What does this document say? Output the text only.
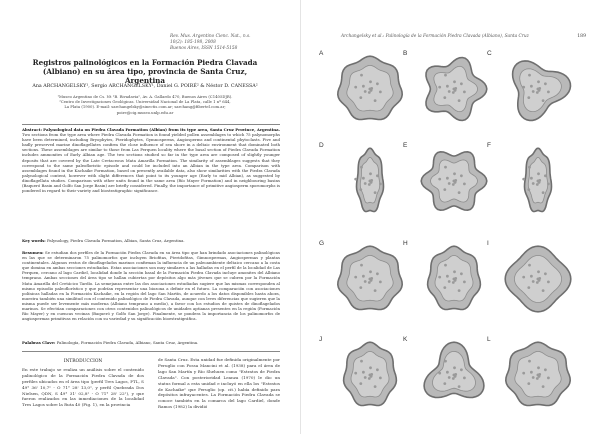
Rev. Mus. Argentino Cienc. Nat., n.s.
10(2): 185-198, 2008
Buenos Aires, ISSN 1514-5158
Registros palinológicos en la Formación Piedra Clavada (Albiano) en su área tipo, provincia de Santa Cruz, Argentina
Ana ARCHANGELSKY¹, Sergio ARCHANGELSKY¹, Daniel G. POIRÉ² & Néstor D. CANESSA²
¹Museo Argentino de Cs. Nt "B. Rivadavia", Av. A. Gallardo 470, Buenos Aires (C1405DJR).
²Centro de Investigaciones Geológicas. Universidad Nacional de La Plata, calle 1 nº 644,
La Plata (1900). E-mail: sarchangelsky@sinectis.com.ar; sarchang@fibertel.com.ar;
poire@cig.museo.unlp.edu.ar
Abstract: Palynological data on Piedra Clavada Formation (Albian) from its type area, Santa Cruz Province, Argentina. Two sections from the type area where Piedra Clavada Formation is found yielded pollen assemblages to which 75 palynomorphs have been determined, including Bryophytes, Pteridophytes, Gymnosperms, Angiosperms and continental phytoclasts. Five and badly preserved marine dinoflagellates confirm the close influence of sea shore in a deltaic environment that dominated both sections. These assemblages are similar to those from Las Perquen locality where the basal section of Piedra Clavada Formation includes ammonites of Early Albian age. The two sections studied so far in the type area are composed of slightly younger deposits that are covered by the Late Cretaceous Mata Amarilla Formation. The similarity of assemblages suggests that they correspond to the same paleofloristic episode and could be included into an Albian in the type area. Comparison with assemblages found in the Kachaike Formation, based on presently available data, also show similarities with the Piedra Clavada palynological content, however with slight differences that point to its younger age (Early to mid Albian), as suggested by dinoflagellata studies. Comparison with other units found in the same area (Río Mayer Formation) and in neighbouring basins (Baqueró Basin and Golfo San Jorge Basin) are briefly considered. Finally, the importance of primitive angiosperm sporomorphs is pondered in regard to their variety and biostratigraphic significance.
Key words: Palynology, Piedra Clavada Formation, Albian, Santa Cruz, Argentina.
Resumen: Se estudian dos perfiles de la Formación Piedra Clavada en su área tipo que han brindado asociaciones palinológicas en las que se determinaron 75 palinomorfos que incluyen Briofitas, Pteridofitas, Gimnospermas, Angiospermas y plantas continentales. Algunos restos de dinoflagelados marinos confirman la influencia de un paleoambiente deltaico cercano a la costa que domina en ambas secciones estudiadas. Estas asociaciones son muy similares a las halladas en el perfil de la localidad de Las Perquen, cercano al lago Cardiel, localidad donde la sección basal de la Formación Piedra Clavada incluye amonites del Albiano temprano. Ambas secciones del área tipo se hallan cubiertas por depósitos algo más jóvenes que se cubren por la Formación Mata Amarilla del Cretácico Tardío. La semejanza entre las dos asociaciones estudiadas sugiere que las mismas corresponden al mismo episodio paleoflorístico y que podrían representar una biozona a definir en el futuro. La comparación con asociaciones polínicas halladas en la Formación Kachaike, en la región del lago San Martín, de acuerdo a los datos disponibles hasta ahora, muestra también una similitud con el contenido palinológico de Piedra Clavada, aunque con leves diferencias que sugieren que la misma puede ser levemente más moderna (Albiano temprano a medio), a favor con los estudios de quistes de dinoflagelados marinos. Se efectúan comparaciones con otros contenidos palinológicos de unidades aptianas presentes en la región (Formación Río Mayer) y en cuencas vecinas (Baqueró y Golfo San Jorge). Finalmente, se pondera la importancia de los palinomorfos de angiospermas primitivas en relación con su variedad y su significación bioestratigráfica.
Palabras Clave: Palinología, Formación Piedra Clavada, Albiano, Santa Cruz, Argentina.
INTRODUCCION
En este trabajo se realiza un análisis sobre el contenido palinológico de la Formación Piedra Clavada de dos perfiles ubicados en el área tipo (perfil Tres Lagos, PTL, S 49° 36' 10,7" - O 71° 28' 13,0", y perfil Quebrada Dos Nielsen, QDN, S 49° 31' 02,8" - O 71° 28' 22"), y que fueron realizados en las inmediaciones de la localidad Tres Lagos sobre la Ruta 40 (Fig. 1), en la provincia
de Santa Cruz. Esta unidad fue definida originalmente por Feruglio con Fossa Mancini et al. (1938) para el área de lago San Martín y Río Shehuen como "Estratos de Piedra Clavada". Con posterioridad Leanza (1970) le dio un status formal a esta unidad e incluyó en ella los "Estratos de Kachaike" que Feruglio (op. cit.) había definido para depósitos infrayacentes. La Formación Piedra Clavada se conoce también en la comarca del lago Cardiel, donde Ramos (1982) la dividió
Archangelsky et al.: Palinología de la Formación Piedra Clavada (Albiano), Santa Cruz	189
A	B	C
D	E	F
G	H	I
J	K	L
